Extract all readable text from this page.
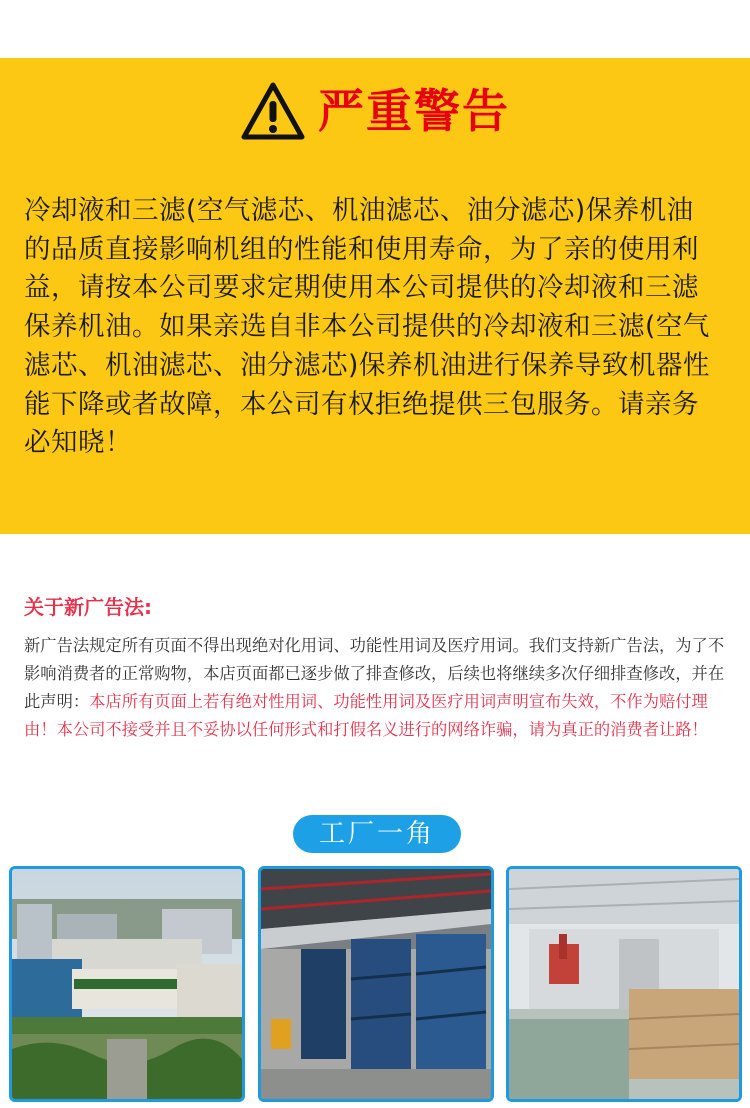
严重警告
冷却液和三滤(空气滤芯、机油滤芯、油分滤芯)保养机油
的品质直接影响机组的性能和使用寿命，为了亲的使用利
益，请按本公司要求定期使用本公司提供的冷却液和三滤
保养机油。如果亲选自非本公司提供的冷却液和三滤(空气
滤芯、机油滤芯、油分滤芯)保养机油进行保养导致机器性
能下降或者故障，本公司有权拒绝提供三包服务。请亲务
必知晓！
关于新广告法:
新广告法规定所有页面不得出现绝对化用词、功能性用词及医疗用词。我们支持新广告法，为了不影响消费者的正常购物，本店页面都已逐步做了排查修改，后续也将继续多次仔细排查修改，并在此声明：本店所有页面上若有绝对性用词、功能性用词及医疗用词声明宣布失效，不作为赔付理由！本公司不接受并且不妥协以任何形式和打假名义进行的网络诈骗，请为真正的消费者让路！
工厂一角
